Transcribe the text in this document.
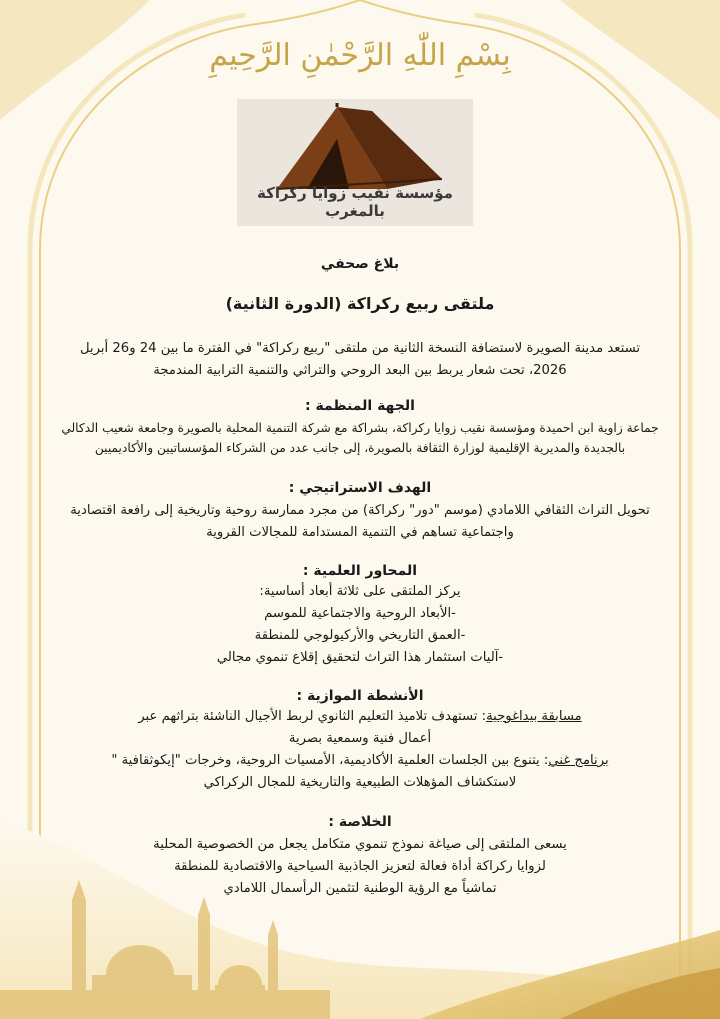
بِسْمِ اللّٰهِ الرَّحْمٰنِ الرَّحِيمِ
مؤسسة نقيب زوايا ركراكة بالمغرب
بلاغ صحفي
ملتقى ربيع ركراكة (الدورة الثانية)
تستعد مدينة الصويرة لاستضافة النسخة الثانية من ملتقى "ربيع ركراكة" في الفترة ما بين 24 و26 أبريل
2026، تحت شعار يربط بين البعد الروحي والتراثي والتنمية الترابية المندمجة
الجهة المنظمة :
جماعة زاوية ابن احميدة ومؤسسة نقيب زوايا ركراكة، بشراكة مع شركة التنمية المحلية بالصويرة وجامعة شعيب الدكالي
بالجديدة والمديرية الإقليمية لوزارة الثقافة بالصويرة، إلى جانب عدد من الشركاء المؤسساتيين والأكاديميين
الهدف الاستراتيجي :
تحويل التراث الثقافي اللامادي (موسم "دور" ركراكة) من مجرد ممارسة روحية وتاريخية إلى رافعة اقتصادية
واجتماعية تساهم في التنمية المستدامة للمجالات القروية
المحاور العلمية :
يركز الملتقى على ثلاثة أبعاد أساسية:
-الأبعاد الروحية والاجتماعية للموسم
-العمق التاريخي والأركيولوجي للمنطقة
-آليات استثمار هذا التراث لتحقيق إقلاع تنموي مجالي
الأنشطة الموازية :
مسابقة بيداغوجية: تستهدف تلاميذ التعليم الثانوي لربط الأجيال الناشئة بتراثهم عبر
أعمال فنية وسمعية بصرية
برنامج غني: يتنوع بين الجلسات العلمية الأكاديمية، الأمسيات الروحية، وخرجات "إيكوثقافية "
لاستكشاف المؤهلات الطبيعية والتاريخية للمجال الركراكي
الخلاصة :
يسعى الملتقى إلى صياغة نموذج تنموي متكامل يجعل من الخصوصية المحلية
لزوايا ركراكة أداة فعالة لتعزيز الجاذبية السياحية والاقتصادية للمنطقة
تماشياً مع الرؤية الوطنية لتثمين الرأسمال اللامادي
